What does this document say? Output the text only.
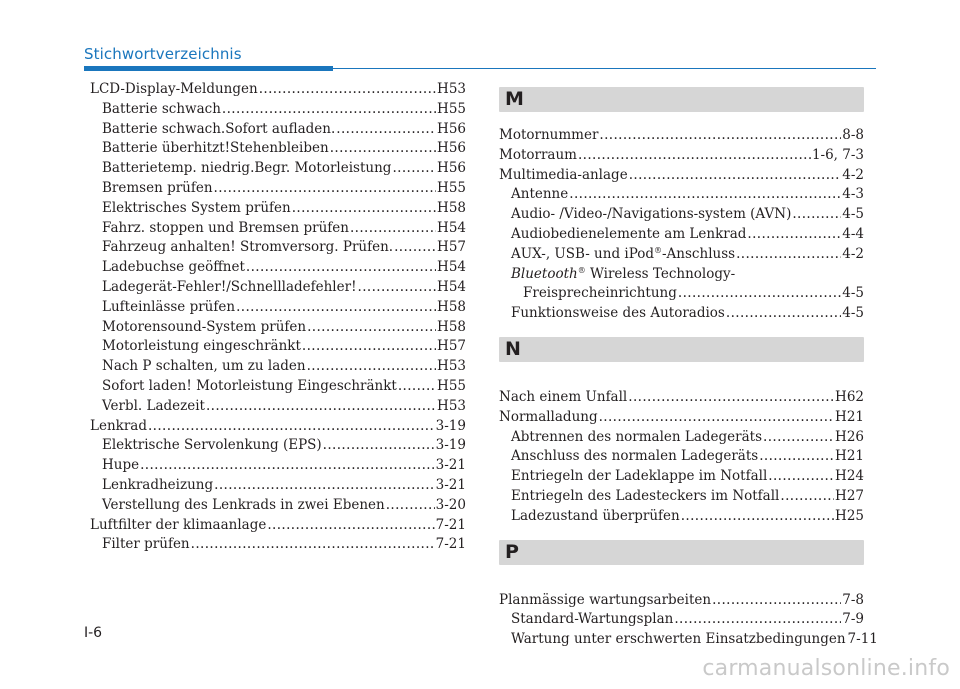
Stichwortverzeichnis
LCD-Display-Meldungen .....	H53
Batterie schwach .....	H55
Batterie schwach.Sofort aufladen. .....	H56
Batterie überhitzt!Stehenbleiben .....	H56
Batterietemp. niedrig.Begr. Motorleistung .....	H56
Bremsen prüfen .....	H55
Elektrisches System prüfen .....	H58
Fahrz. stoppen und Bremsen prüfen .....	H54
Fahrzeug anhalten! Stromversorg. Prüfen. .....	H57
Ladebuchse geöffnet .....	H54
Ladegerät-Fehler!/Schnellladefehler! .....	H54
Lufteinlässe prüfen .....	H58
Motorensound-System prüfen .....	H58
Motorleistung eingeschränkt .....	H57
Nach P schalten, um zu laden .....	H53
Sofort laden! Motorleistung Eingeschränkt .....	H55
Verbl. Ladezeit .....	H53
Lenkrad .....	3-19
Elektrische Servolenkung (EPS) .....	3-19
Hupe .....	3-21
Lenkradheizung .....	3-21
Verstellung des Lenkrads in zwei Ebenen .....	3-20
Luftfilter der klimaanlage .....	7-21
Filter prüfen .....	7-21
M
Motornummer .....	8-8
Motorraum .....	1-6, 7-3
Multimedia-anlage .....	4-2
Antenne .....	4-3
Audio- /Video-/Navigations-system (AVN) .....	4-5
Audiobedienelemente am Lenkrad .....	4-4
AUX-, USB- und iPod®-Anschluss .....	4-2
Bluetooth® Wireless Technology-
Freisprecheinrichtung .....	4-5
Funktionsweise des Autoradios .....	4-5
N
Nach einem Unfall .....	H62
Normalladung .....	H21
Abtrennen des normalen Ladegeräts .....	H26
Anschluss des normalen Ladegeräts .....	H21
Entriegeln der Ladeklappe im Notfall .....	H24
Entriegeln des Ladesteckers im Notfall .....	H27
Ladezustand überprüfen .....	H25
P
Planmässige wartungsarbeiten .....	7-8
Standard-Wartungsplan .....	7-9
Wartung unter erschwerten Einsatzbedingungen 7-11
I-6
carmanualsonline.info
